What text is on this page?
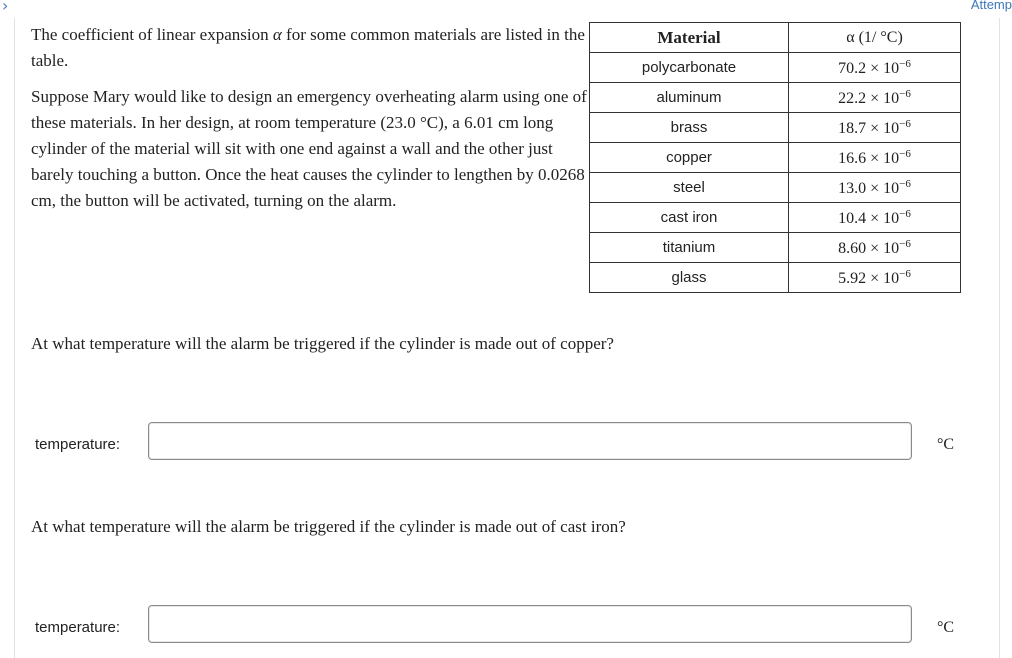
›	Attemp

The coefficient of linear expansion α for some common materials are listed in the table.

Suppose Mary would like to design an emergency overheating alarm using one of these materials. In her design, at room temperature (23.0 °C), a 6.01 cm long cylinder of the material will sit with one end against a wall and the other just barely touching a button. Once the heat causes the cylinder to lengthen by 0.0268 cm, the button will be activated, turning on the alarm.

Material	α (1/ °C)
polycarbonate	$70.2 \times 10^{-6}$
aluminum	$22.2 \times 10^{-6}$
brass	$18.7 \times 10^{-6}$
copper	$16.6 \times 10^{-6}$
steel	$13.0 \times 10^{-6}$
cast iron	$10.4 \times 10^{-6}$
titanium	$8.60 \times 10^{-6}$
glass	$5.92 \times 10^{-6}$
At what temperature will the alarm be triggered if the cylinder is made out of copper?
temperature:	°C
At what temperature will the alarm be triggered if the cylinder is made out of cast iron?
temperature:	°C
